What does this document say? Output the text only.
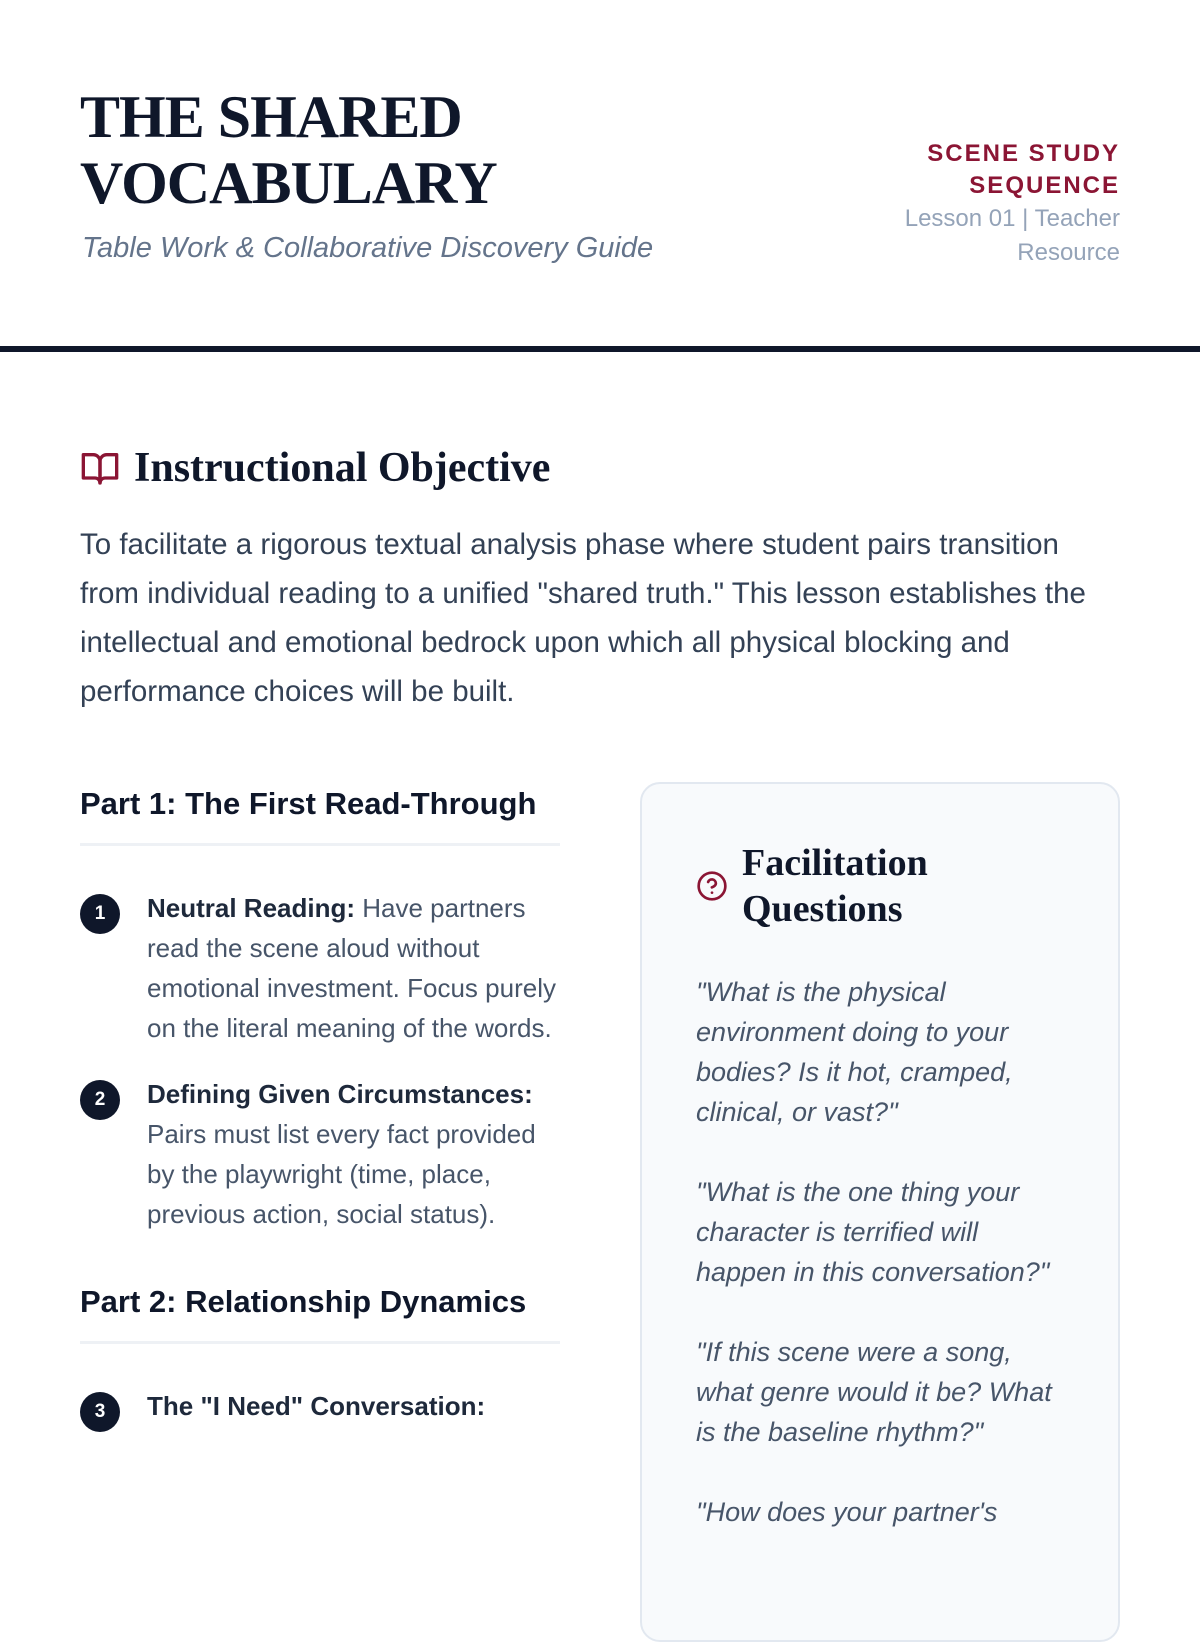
THE SHARED VOCABULARY
Table Work & Collaborative Discovery Guide
SCENE STUDY SEQUENCE
Lesson 01 | Teacher Resource
Instructional Objective

To facilitate a rigorous textual analysis phase where student pairs transition from individual reading to a unified "shared truth." This lesson establishes the intellectual and emotional bedrock upon which all physical blocking and performance choices will be built.

Part 1: The First Read-Through
1	Neutral Reading: Have partners read the scene aloud without emotional investment. Focus purely on the literal meaning of the words.
2	Defining Given Circumstances: Pairs must list every fact provided by the playwright (time, place, previous action, social status).
Part 2: Relationship Dynamics
3	The "I Need" Conversation:
Facilitation Questions
"What is the physical environment doing to your bodies? Is it hot, cramped, clinical, or vast?"
"What is the one thing your character is terrified will happen in this conversation?"
"If this scene were a song, what genre would it be? What is the baseline rhythm?"
"How does your partner's
